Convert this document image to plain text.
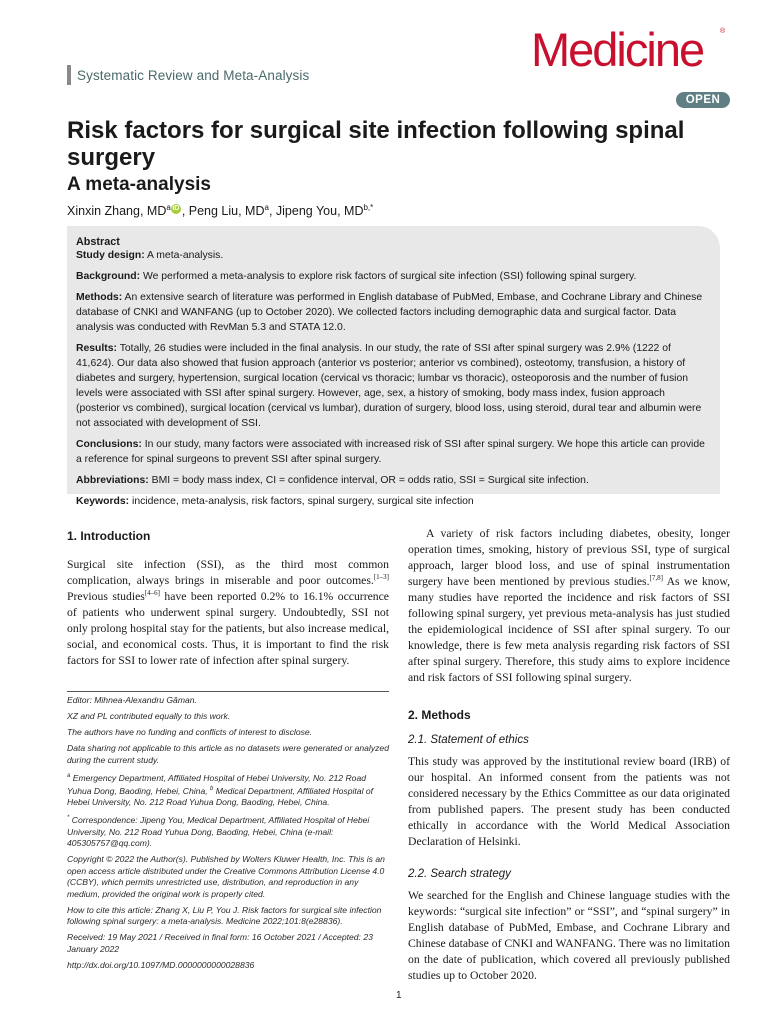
Systematic Review and Meta-Analysis	Medicine ®
OPEN
Risk factors for surgical site infection following spinal surgery
A meta-analysis
Xinxin Zhang, $MD^a$ iD , Peng Liu, $MD^a$, Jipeng You, $MD^{b,*}$
Abstract

Study design: A meta-analysis.

Background: We performed a meta-analysis to explore risk factors of surgical site infection (SSI) following spinal surgery.

Methods: An extensive search of literature was performed in English database of PubMed, Embase, and Cochrane Library and Chinese database of CNKI and WANFANG (up to October 2020). We collected factors including demographic data and surgical factor. Data analysis was conducted with RevMan 5.3 and STATA 12.0.

Results: Totally, 26 studies were included in the final analysis. In our study, the rate of SSI after spinal surgery was 2.9% (1222 of 41,624). Our data also showed that fusion approach (anterior vs posterior; anterior vs combined), osteotomy, transfusion, a history of diabetes and surgery, hypertension, surgical location (cervical vs thoracic; lumbar vs thoracic), osteoporosis and the number of fusion levels were associated with SSI after spinal surgery. However, age, sex, a history of smoking, body mass index, fusion approach (posterior vs combined), surgical location (cervical vs lumbar), duration of surgery, blood loss, using steroid, dural tear and albumin were not associated with development of SSI.

Conclusions: In our study, many factors were associated with increased risk of SSI after spinal surgery. We hope this article can provide a reference for spinal surgeons to prevent SSI after spinal surgery.

Abbreviations: BMI = body mass index, CI = confidence interval, OR = odds ratio, SSI = Surgical site infection.

Keywords: incidence, meta-analysis, risk factors, spinal surgery, surgical site infection

1. Introduction

Surgical site infection (SSI), as the third most common complication, always brings in miserable and poor outcomes.[1–3] Previous studies[4–6] have been reported 0.2% to 16.1% occurrence of patients who underwent spinal surgery. Undoubtedly, SSI not only prolong hospital stay for the patients, but also increase medical, social, and economical costs. Thus, it is important to find the risk factors for SSI to lower rate of infection after spinal surgery.

Editor: Mihnea-Alexandru Găman.

XZ and PL contributed equally to this work.

The authors have no funding and conflicts of interest to disclose.

Data sharing not applicable to this article as no datasets were generated or analyzed during the current study.

$^a$ Emergency Department, Affiliated Hospital of Hebei University, No. 212 Road Yuhua Dong, Baoding, Hebei, China, $^b$ Medical Department, Affiliated Hospital of Hebei University, No. 212 Road Yuhua Dong, Baoding, Hebei, China.

* Correspondence: Jipeng You, Medical Department, Affiliated Hospital of Hebei University, No. 212 Road Yuhua Dong, Baoding, Hebei, China (e-mail: 405305757@qq.com).

Copyright © 2022 the Author(s). Published by Wolters Kluwer Health, Inc. This is an open access article distributed under the Creative Commons Attribution License 4.0 (CCBY), which permits unrestricted use, distribution, and reproduction in any medium, provided the original work is properly cited.

How to cite this article: Zhang X, Liu P, You J. Risk factors for surgical site infection following spinal surgery: a meta-analysis. Medicine 2022;101:8(e28836).

Received: 19 May 2021 / Received in final form: 16 October 2021 / Accepted: 23 January 2022

http://dx.doi.org/10.1097/MD.0000000000028836

A variety of risk factors including diabetes, obesity, longer operation times, smoking, history of previous SSI, type of surgical approach, larger blood loss, and use of spinal instrumentation surgery have been mentioned by previous studies.[7,8] As we know, many studies have reported the incidence and risk factors of SSI following spinal surgery, yet previous meta-analysis has just studied the epidemiological incidence of SSI after spinal surgery. To our knowledge, there is few meta analysis regarding risk factors of SSI after spinal surgery. Therefore, this study aims to explore incidence and risk factors of SSI following spinal surgery.

2. Methods
2.1. Statement of ethics

This study was approved by the institutional review board (IRB) of our hospital. An informed consent from the patients was not considered necessary by the Ethics Committee as our data originated from published papers. The present study has been conducted ethically in accordance with the World Medical Association Declaration of Helsinki.

2.2. Search strategy

We searched for the English and Chinese language studies with the keywords: “surgical site infection” or “SSI”, and “spinal surgery” in English database of PubMed, Embase, and Cochrane Library and Chinese database of CNKI and WANFANG. There was no limitation on the date of publication, which covered all previously published studies up to October 2020.

1
